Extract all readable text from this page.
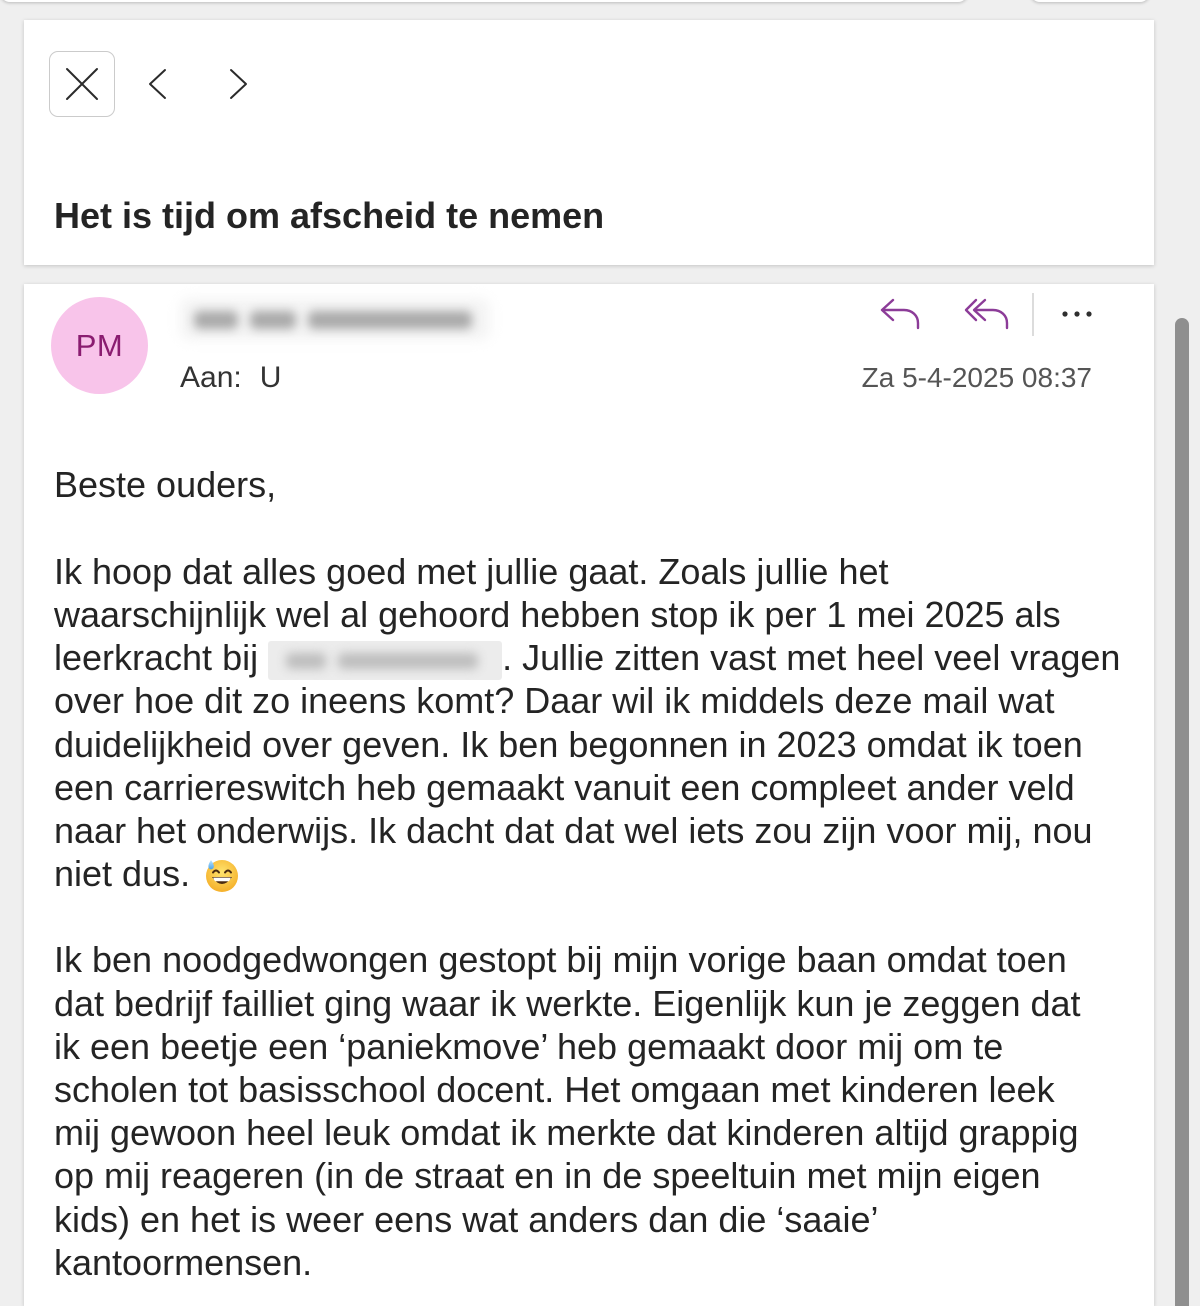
Het is tijd om afscheid te nemen
PM
Aan: U	Za 5-4-2025 08:37
Beste ouders,
Ik hoop dat alles goed met jullie gaat. Zoals jullie het
waarschijnlijk wel al gehoord hebben stop ik per 1 mei 2025 als
leerkracht bij	. Jullie zitten vast met heel veel vragen
over hoe dit zo ineens komt? Daar wil ik middels deze mail wat
duidelijkheid over geven. Ik ben begonnen in 2023 omdat ik toen
een carriereswitch heb gemaakt vanuit een compleet ander veld
naar het onderwijs. Ik dacht dat dat wel iets zou zijn voor mij, nou
niet dus.
Ik ben noodgedwongen gestopt bij mijn vorige baan omdat toen
dat bedrijf failliet ging waar ik werkte. Eigenlijk kun je zeggen dat
ik een beetje een ‘paniekmove’ heb gemaakt door mij om te
scholen tot basisschool docent. Het omgaan met kinderen leek
mij gewoon heel leuk omdat ik merkte dat kinderen altijd grappig
op mij reageren (in de straat en in de speeltuin met mijn eigen
kids) en het is weer eens wat anders dan die ‘saaie’
kantoormensen.
